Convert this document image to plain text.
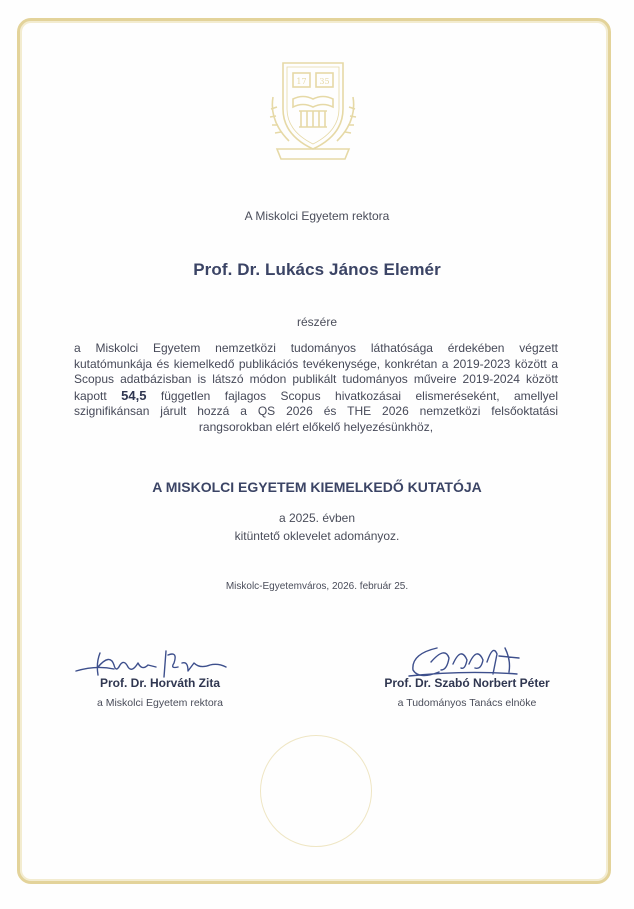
17 35
A Miskolci Egyetem rektora
Prof. Dr. Lukács János Elemér
részére
a Miskolci Egyetem nemzetközi tudományos láthatósága érdekében végzett kutatómunkája és kiemelkedő publikációs tevékenysége, konkrétan a 2019-2023 között a Scopus adatbázisban is látszó módon publikált tudományos műveire 2019-2024 között kapott 54,5 független fajlagos Scopus hivatkozásai elismeréseként, amellyel szignifikánsan járult hozzá a QS 2026 és THE 2026 nemzetközi felsőoktatási rangsorokban elért előkelő helyezésünkhöz,
A MISKOLCI EGYETEM KIEMELKEDŐ KUTATÓJA
a 2025. évben
kitüntető oklevelet adományoz.
Miskolc-Egyetemváros, 2026. február 25.
Prof. Dr. Horváth Zita
a Miskolci Egyetem rektora
Prof. Dr. Szabó Norbert Péter
a Tudományos Tanács elnöke
